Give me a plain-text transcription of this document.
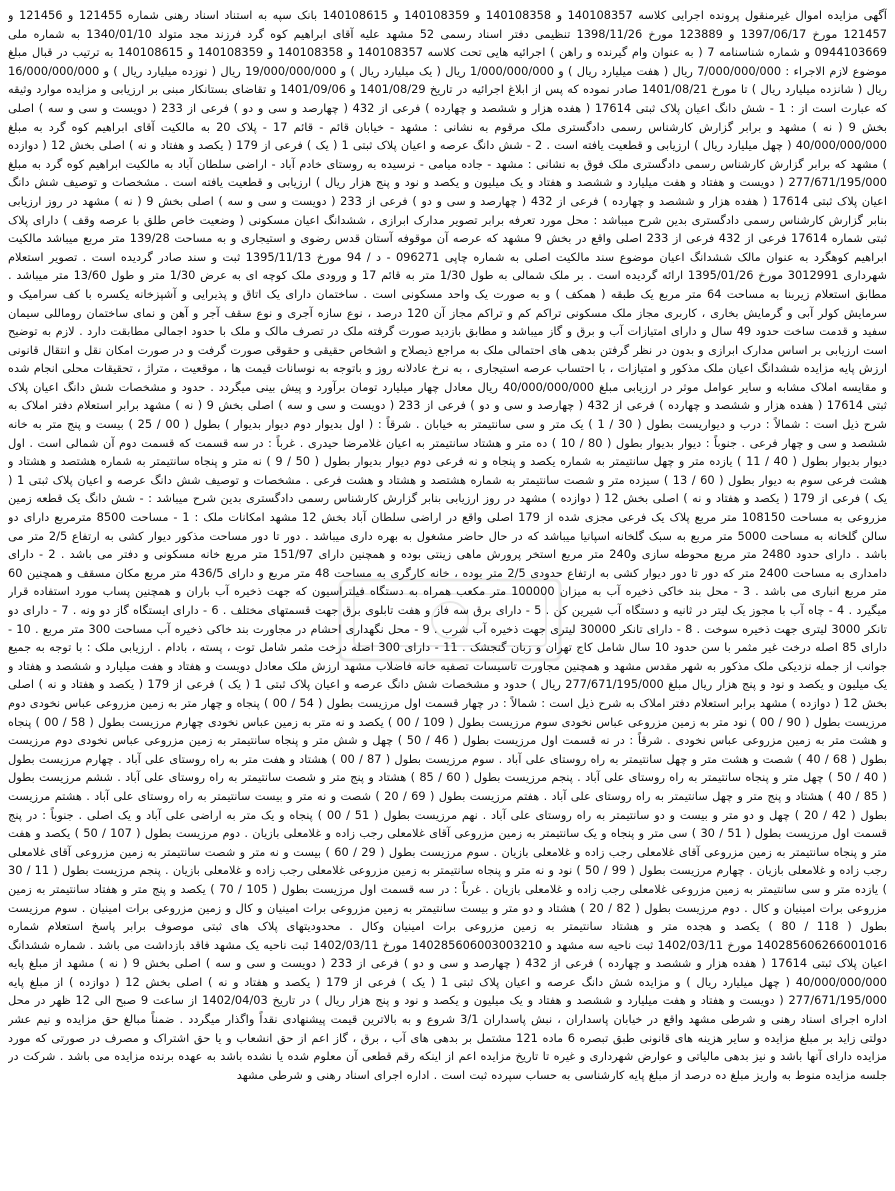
آگهی مزایده اموال غیرمنقول پرونده اجرایی کلاسه 140108357 و 140108358 و 140108359 و 140108615 بانک سپه به استناد اسناد رهنی شماره 121455 و 121456 و 121457 مورخ 1397/06/17 و 123889 مورخ 1398/11/26 تنظیمی دفتر اسناد رسمی 52 مشهد علیه آقای ابراهیم کوه گرد فرزند مجد متولد 1340/01/10 به شماره ملی 0944103669 و شماره شناسنامه 7 ( به عنوان وام گیرنده و راهن ) اجرائیه هایی تحت کلاسه 140108357 و 140108358 و 140108359 و 140108615 به ترتیب در قبال مبلغ موضوع لازم الاجراء : 7/000/000/000 ریال ( هفت میلیارد ریال ) و 1/000/000/000 ریال ( یک میلیارد ریال ) و 19/000/000/000 ریال ( نوزده میلیارد ریال ) و 16/000/000/000 ریال ( شانزده میلیارد ریال ) تا مورخ 1401/08/21 صادر نموده که پس از ابلاغ اجرائیه در تاریخ 1401/08/29 و 1401/09/06 و تقاضای بستانکار مبنی بر ارزیابی و مزایده موارد وثیقه که عبارت است از : 1 - شش دانگ اعیان پلاک ثبتی 17614 ( هفده هزار و ششصد و چهارده ) فرعی از 432 ( چهارصد و سی و دو ) فرعی از 233 ( دویست و سی و سه ) اصلی بخش 9 ( نه ) مشهد و برابر گزارش کارشناس رسمی دادگستری ملک مرقوم به نشانی : مشهد - خیابان قائم - قائم 17 - پلاک 20 به مالکیت آقای ابراهیم کوه گرد به مبلغ 40/000/000/000 ( چهل میلیارد ریال ) ارزیابی و قطعیت یافته است . 2 - شش دانگ عرصه و اعیان پلاک ثبتی 1 ( یک ) فرعی از 179 ( یکصد و هفتاد و نه ) اصلی بخش 12 ( دوازده ) مشهد که برابر گزارش کارشناس رسمی دادگستری ملک فوق به نشانی : مشهد - جاده میامی - نرسیده به روستای خادم آباد - اراضی سلطان آباد به مالکیت ابراهیم کوه گرد به مبلغ 277/671/195/000 ( دویست و هفتاد و هفت میلیارد و ششصد و هفتاد و یک میلیون و یکصد و نود و پنج هزار ریال ) ارزیابی و قطعیت یافته است . مشخصات و توصیف شش دانگ اعیان پلاک ثبتی 17614 ( هفده هزار و ششصد و چهارده ) فرعی از 432 ( چهارصد و سی و دو ) فرعی از 233 ( دویست و سی و سه ) اصلی بخش 9 ( نه ) مشهد در روز ارزیابی بنابر گزارش کارشناس رسمی دادگستری بدین شرح میباشد : محل مورد تعرفه برابر تصویر مدارک ابرازی ، ششدانگ اعیان مسکونی ( وضعیت خاص طلق با عرصه وقف ) دارای پلاک ثبتی شماره 17614 فرعی از 432 فرعی از 233 اصلی واقع در بخش 9 مشهد که عرصه آن موقوفه آستان قدس رضوی و استیجاری و به مساحت 139/28 متر مربع میباشد مالکیت ابراهیم کوهگرد به عنوان مالک ششدانگ اعیان موضوع سند مالکیت اصلی به شماره چاپی 096271 - د / 94 مورخ 1395/11/13 ثبت و سند صادر گردیده است . تصویر استعلام شهرداری 3012991 مورخ 1395/01/26 ارائه گردیده است . بر ملک شمالی به طول 1/30 متر به قائم 17 و ورودی ملک کوچه ای به عرض 1/30 متر و طول 13/60 متر میباشد . مطابق استعلام زیربنا به مساحت 64 متر مربع یک طبقه ( همکف ) و به صورت یک واحد مسکونی است . ساختمان دارای یک اتاق و پذیرایی و آشپزخانه یکسره با کف سرامیک و سرمایش کولر آبی و گرمایش بخاری ، کاربری مجاز ملک مسکونی تراکم کم و تراکم مجاز آن 120 درصد ، نوع سازه آجری و نوع سقف آجر و آهن و نمای ساختمان روماللی سیمان سفید و قدمت ساخت حدود 49 سال و دارای امتیازات آب و برق و گاز میباشد و مطابق بازدید صورت گرفته ملک در تصرف مالک و ملک با حدود اجمالی مطابقت دارد . لازم به توضیح است ارزیابی بر اساس مدارک ابرازی و بدون در نظر گرفتن بدهی های احتمالی ملک به مراجع ذیصلاح و اشخاص حقیقی و حقوقی صورت گرفت و در صورت امکان نقل و انتقال قانونی ارزش پایه مزایده ششدانگ اعیان ملک مذکور و امتیازات ، با احتساب عرصه استیجاری ، به نرخ عادلانه روز و باتوجه به نوسانات قیمت ها ، موقعیت ، متراژ ، تحقیقات محلی انجام شده و مقایسه املاک مشابه و سایر عوامل موثر در ارزیابی مبلغ 40/000/000/000 ریال معادل چهار میلیارد تومان برآورد و پیش بینی میگردد . حدود و مشخصات شش دانگ اعیان پلاک ثبتی 17614 ( هفده هزار و ششصد و چهارده ) فرعی از 432 ( چهارصد و سی و دو ) فرعی از 233 ( دویست و سی و سه ) اصلی بخش 9 ( نه ) مشهد برابر استعلام دفتر املاک به شرح ذیل است : شمالاً : درب و دیواریست بطول ( 30 / 1 ) یک متر و سی سانتیمتر به خیابان . شرقاً : ( اول بدیوار دوم دیوار بدیوار ) بطول ( 00 / 25 ) بیست و پنج متر به خانه ششصد و سی و چهار فرعی . جنوباً : دیوار بدیوار بطول ( 80 / 10 ) ده متر و هشتاد سانتیمتر به اعیان غلامرضا حیدری . غرباً : در سه قسمت که قسمت دوم آن شمالی است . اول دیوار بدیوار بطول ( 40 / 11 ) یازده متر و چهل سانتیمتر به شماره یکصد و پنجاه و نه فرعی دوم دیوار بدیوار بطول ( 50 / 9 ) نه متر و پنجاه سانتیمتر به شماره هشتصد و هشتاد و هشت فرعی سوم به دیوار بطول ( 60 / 13 ) سیزده متر و شصت سانتیمتر به شماره هشتصد و هشتاد و هشت فرعی . مشخصات و توصیف شش دانگ عرصه و اعیان پلاک ثبتی 1 ( یک ) فرعی از 179 ( یکصد و هفتاد و نه ) اصلی بخش 12 ( دوازده ) مشهد در روز ارزیابی بنابر گزارش کارشناس رسمی دادگستری بدین شرح میباشد : - شش دانگ یک قطعه زمین مزروعی به مساحت 108150 متر مربع پلاک یک فرعی مجزی شده از 179 اصلی واقع در اراضی سلطان آباد بخش 12 مشهد امکانات ملک : 1 - مساحت 8500 مترمربع دارای دو سالن گلخانه به مساحت 5000 متر مربع به سبک گلخانه اسپانیا میباشد که در حال حاضر مشغول به بهره داری میباشد . دور تا دور مساحت مذکور دیوار کشی به ارتفاع 2/5 متر می باشد . دارای حدود 2480 متر مربع محوطه سازی و240 متر مربع استخر پرورش ماهی زینتی بوده و همچنین دارای 151/97 متر مربع خانه مسکونی و دفتر می باشد . 2 - دارای دامداری به مساحت 2400 متر که دور تا دور دیوار کشی به ارتفاع حدودی 2/5 متر بوده ، خانه کارگری به مساحت 48 متر مربع و دارای 436/5 متر مربع مکان مسقف و همچنین 60 متر مربع انباری می باشد . 3 - محل بند خاکی ذخیره آب به میزان 100000 متر مکعب همراه به دستگاه فیلتراسیون که جهت ذخیره آب باران و همچنین پساب مورد استفاده قرار میگیرد . 4 - چاه آب با مجوز یک لیتر در ثانیه و دستگاه آب شیرین کن . 5 - دارای برق سه فاز و هفت تابلوی برق جهت قسمتهای مختلف . 6 - دارای ایستگاه گاز دو ونه . 7 - دارای دو تانکر 3000 لیتری جهت ذخیره سوخت . 8 - دارای تانکر 30000 لیتری جهت ذخیره آب شرب . 9 - محل نگهداری احشام در مجاورت بند خاکی ذخیره آب مساحت 300 متر مربع . 10 - دارای 85 اصله درخت غیر مثمر با سن حدود 10 سال شامل کاج تهران و زبان گنجشک . 11 - دارای 300 اصله درخت مثمر شامل توت ، پسته ، بادام . ارزیابی ملک : با توجه به جمیع جوانب از جمله نزدیکی ملک مذکور به شهر مقدس مشهد و همچنین مجاورت تاسیسات تصفیه خانه فاضلاب مشهد ارزش ملک معادل دویست و هفتاد و هفت میلیارد و ششصد و هفتاد و یک میلیون و یکصد و نود و پنج هزار ریال مبلغ 277/671/195/000 ریال ) حدود و مشخصات شش دانگ عرصه و اعیان پلاک ثبتی 1 ( یک ) فرعی از 179 ( یکصد و هفتاد و نه ) اصلی بخش 12 ( دوازده ) مشهد برابر استعلام دفتر املاک به شرح ذیل است : شمالاً : در چهار قسمت اول مرزیست بطول ( 54 / 00 ) پنجاه و چهار متر به زمین مزروعی عباس نخودی دوم مرزیست بطول ( 90 / 00 ) نود متر به زمین مزروعی عباس نخودی سوم مرزیست بطول ( 109 / 00 ) یکصد و نه متر به زمین عباس نخودی چهارم مرزیست بطول ( 58 / 00 ) پنجاه و هشت متر به زمین مزروعی عباس نخودی . شرقاً : در نه قسمت اول مرزیست بطول ( 46 / 50 ) چهل و شش متر و پنجاه سانتیمتر به زمین مزروعی عباس نخودی دوم مرزیست بطول ( 68 / 40 ) شصت و هشت متر و چهل سانتیمتر به راه روستای علی آباد . سوم مرزیست بطول ( 87 / 00 ) هشتاد و هفت متر به راه روستای علی آباد . چهارم مرزیست بطول ( 40 / 50 ) چهل متر و پنجاه سانتیمتر به راه روستای علی آباد . پنجم مرزیست بطول ( 60 / 85 ) هشتاد و پنج متر و شصت سانتیمتر به راه روستای علی آباد . ششم مرزیست بطول ( 85 / 40 ) هشتاد و پنج متر و چهل سانتیمتر به راه روستای علی آباد . هفتم مرزیست بطول ( 69 / 20 ) شصت و نه متر و بیست سانتیمتر به راه روستای علی آباد . هشتم مرزیست بطول ( 42 / 20 ) چهل و دو متر و بیست و دو سانتیمتر به راه روستای علی آباد . نهم مرزیست بطول ( 51 / 00 ) پنجاه و یک متر به اراضی علی آباد و یک اصلی . جنوباً : در پنج قسمت اول مرزیست بطول ( 51 / 30 ) سی متر و پنجاه و یک سانتیمتر به زمین مزروعی آقای غلامعلی رجب زاده و غلامعلی بازیان . دوم مرزیست بطول ( 107 / 50 ) یکصد و هفت متر و پنجاه سانتیمتر به زمین مزروعی آقای غلامعلی رجب زاده و غلامعلی بازیان . سوم مرزیست بطول ( 29 / 60 ) بیست و نه متر و شصت سانتیمتر به زمین مزروعی آقای غلامعلی رجب زاده و غلامعلی بازیان . چهارم مرزیست بطول ( 99 / 50 ) نود و نه متر و پنجاه سانتیمتر به زمین مزروعی غلامعلی رجب زاده و غلامعلی بازیان . پنجم مرزیست بطول ( 11 / 30 ) یازده متر و سی سانتیمتر به زمین مزروعی غلامعلی رجب زاده و غلامعلی بازیان . غرباً : در سه قسمت اول مرزیست بطول ( 105 / 70 ) یکصد و پنج متر و هفتاد سانتیمتر به زمین مزروعی برات امینیان و کال . دوم مرزیست بطول ( 82 / 20 ) هشتاد و دو متر و بیست سانتیمتر به زمین مزروعی برات امینیان و کال و زمین مزروعی برات امینیان . سوم مرزیست بطول ( 118 / 80 ) یکصد و هجده متر و هشتاد سانتیمتر به زمین مزروعی برات امینیان وکال . محدودیتهای پلاک های ثبتی موصوف برابر پاسخ استعلام شماره 140285606266001016 مورخ 1402/03/11 ثبت ناحیه سه مشهد و 140285606003003210 مورخ 1402/03/11 ثبت ناحیه یک مشهد فاقد بازداشت می باشد . شماره ششدانگ اعیان پلاک ثبتی 17614 ( هفده هزار و ششصد و چهارده ) فرعی از 432 ( چهارصد و سی و دو ) فرعی از 233 ( دویست و سی و سه ) اصلی بخش 9 ( نه ) مشهد از مبلغ پایه 40/000/000/000 ( چهل میلیارد ریال ) و مزایده شش دانگ عرصه و اعیان پلاک ثبتی 1 ( یک ) فرعی از 179 ( یکصد و هفتاد و نه ) اصلی بخش 12 ( دوازده ) از مبلغ پایه 277/671/195/000 ( دویست و هفتاد و هفت میلیارد و ششصد و هفتاد و یک میلیون و یکصد و نود و پنج هزار ریال ) در تاریخ 1402/04/03 از ساعت 9 صبح الی 12 ظهر در محل اداره اجرای اسناد رهنی و شرطی مشهد واقع در خیابان پاسداران ، نبش پاسداران 3/1 شروع و به بالاترین قیمت پیشنهادی نقداً واگذار میگردد . ضمناً مبالغ حق مزایده و نیم عشر دولتی زاید بر مبلغ مزایده و سایر هزینه های قانونی طبق تبصره 6 ماده 121 مشتمل بر بدهی های آب ، برق ، گاز اعم از حق انشعاب و یا حق اشتراک و مصرف در صورتی که مورد مزایده دارای آنها باشد و نیز بدهی مالیاتی و عوارض شهرداری و غیره تا تاریخ مزایده اعم از اینکه رقم قطعی آن معلوم شده یا نشده باشد به عهده برنده مزایده می باشد . شرکت در جلسه مزایده منوط به واریز مبلغ ده درصد از مبلغ پایه کارشناسی به حساب سپرده ثبت است . اداره اجرای اسناد رهنی و شرطی مشهد
